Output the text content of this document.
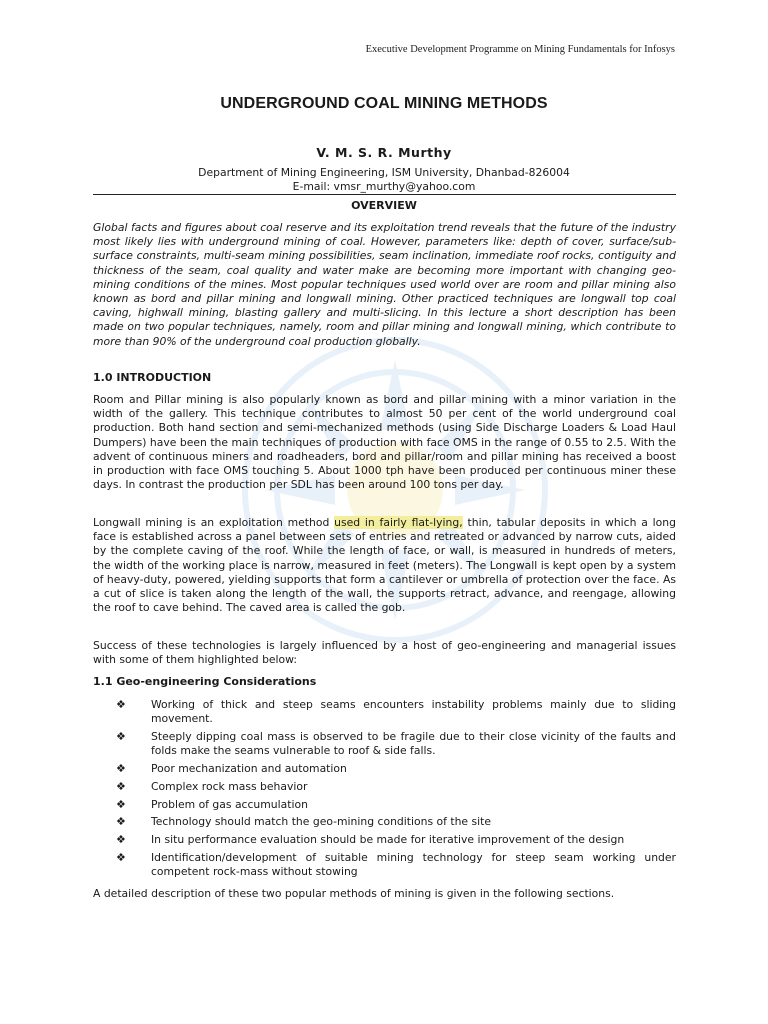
Executive Development Programme on Mining Fundamentals for Infosys
UNDERGROUND COAL MINING METHODS
V. M. S. R. Murthy
Department of Mining Engineering, ISM University, Dhanbad-826004
E-mail: vmsr_murthy@yahoo.com
OVERVIEW

Global facts and figures about coal reserve and its exploitation trend reveals that the future of the industry most likely lies with underground mining of coal. However, parameters like: depth of cover, surface/sub-surface constraints, multi-seam mining possibilities, seam inclination, immediate roof rocks, contiguity and thickness of the seam, coal quality and water make are becoming more important with changing geo-mining conditions of the mines. Most popular techniques used world over are room and pillar mining also known as bord and pillar mining and longwall mining. Other practiced techniques are longwall top coal caving, highwall mining, blasting gallery and multi-slicing. In this lecture a short description has been made on two popular techniques, namely, room and pillar mining and longwall mining, which contribute to more than 90% of the underground coal production globally.

1.0 INTRODUCTION

Room and Pillar mining is also popularly known as bord and pillar mining with a minor variation in the width of the gallery. This technique contributes to almost 50 per cent of the world underground coal production. Both hand section and semi-mechanized methods (using Side Discharge Loaders & Load Haul Dumpers) have been the main techniques of production with face OMS in the range of 0.55 to 2.5. With the advent of continuous miners and roadheaders, bord and pillar/room and pillar mining has received a boost in production with face OMS touching 5. About 1000 tph have been produced per continuous miner these days. In contrast the production per SDL has been around 100 tons per day.

Longwall mining is an exploitation method used in fairly flat-lying, thin, tabular deposits in which a long face is established across a panel between sets of entries and retreated or advanced by narrow cuts, aided by the complete caving of the roof. While the length of face, or wall, is measured in hundreds of meters, the width of the working place is narrow, measured in feet (meters). The Longwall is kept open by a system of heavy-duty, powered, yielding supports that form a cantilever or umbrella of protection over the face. As a cut of slice is taken along the length of the wall, the supports retract, advance, and reengage, allowing the roof to cave behind. The caved area is called the gob.

Success of these technologies is largely influenced by a host of geo-engineering and managerial issues with some of them highlighted below:

1.1 Geo-engineering Considerations
❖	Working of thick and steep seams encounters instability problems mainly due to sliding movement.
❖	Steeply dipping coal mass is observed to be fragile due to their close vicinity of the faults and folds make the seams vulnerable to roof & side falls.
❖	Poor mechanization and automation
❖	Complex rock mass behavior
❖	Problem of gas accumulation
❖	Technology should match the geo-mining conditions of the site
❖	In situ performance evaluation should be made for iterative improvement of the design
❖	Identification/development of suitable mining technology for steep seam working under competent rock-mass without stowing

A detailed description of these two popular methods of mining is given in the following sections.
